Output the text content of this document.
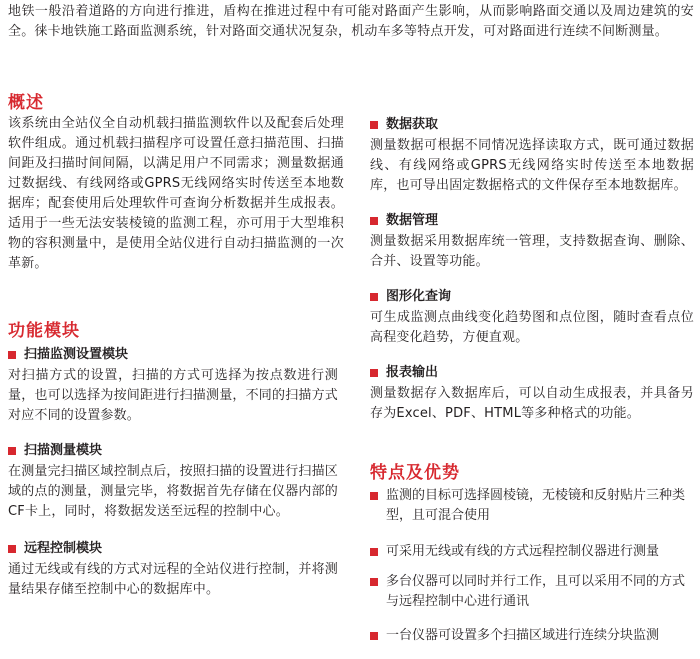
地铁一般沿着道路的方向进行推进，盾构在推进过程中有可能对路面产生影响，从而影响路面交通以及周边建筑的安全。徕卡地铁施工路面监测系统，针对路面交通状况复杂，机动车多等特点开发，可对路面进行连续不间断测量。
概述
该系统由全站仪全自动机载扫描监测软件以及配套后处理软件组成。通过机载扫描程序可设置任意扫描范围、扫描间距及扫描时间间隔，以满足用户不同需求；测量数据通过数据线、有线网络或GPRS无线网络实时传送至本地数据库；配套使用后处理软件可查询分析数据并生成报表。适用于一些无法安装棱镜的监测工程，亦可用于大型堆积物的容积测量中，是使用全站仪进行自动扫描监测的一次革新。
功能模块
扫描监测设置模块
对扫描方式的设置，扫描的方式可选择为按点数进行测量，也可以选择为按间距进行扫描测量，不同的扫描方式对应不同的设置参数。
扫描测量模块
在测量完扫描区域控制点后，按照扫描的设置进行扫描区域的点的测量，测量完毕，将数据首先存储在仪器内部的CF卡上，同时，将数据发送至远程的控制中心。
远程控制模块
通过无线或有线的方式对远程的全站仪进行控制，并将测量结果存储至控制中心的数据库中。
数据获取
测量数据可根据不同情况选择读取方式，既可通过数据线、有线网络或GPRS无线网络实时传送至本地数据库，也可导出固定数据格式的文件保存至本地数据库。
数据管理
测量数据采用数据库统一管理，支持数据查询、删除、合并、设置等功能。
图形化查询
可生成监测点曲线变化趋势图和点位图，随时查看点位高程变化趋势，方便直观。
报表输出
测量数据存入数据库后，可以自动生成报表，并具备另存为Excel、PDF、HTML等多种格式的功能。
特点及优势
监测的目标可选择圆棱镜，无棱镜和反射贴片三种类型，且可混合使用
可采用无线或有线的方式远程控制仪器进行测量
多台仪器可以同时并行工作，且可以采用不同的方式与远程控制中心进行通讯
一台仪器可设置多个扫描区域进行连续分块监测
